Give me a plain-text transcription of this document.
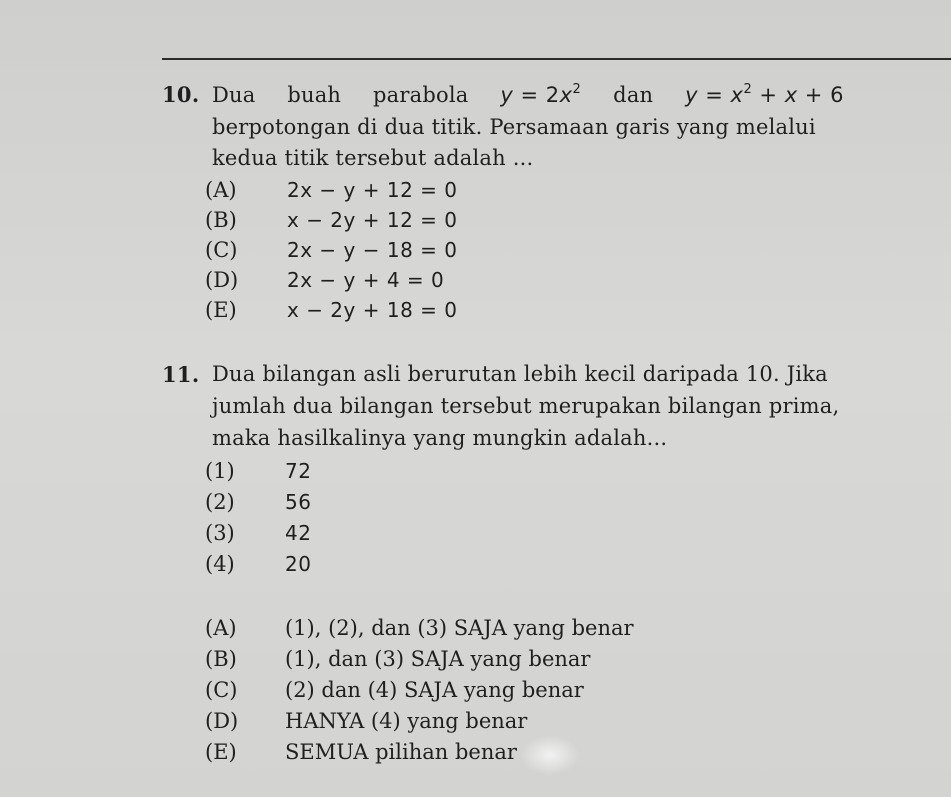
10. Dua buah parabola $y = 2x^2$ dan $y = x^2 + x + 6$
berpotongan di dua titik. Persamaan garis yang melalui
kedua titik tersebut adalah ...
(A)	2x − y + 12 = 0
(B)	x − 2y + 12 = 0
(C) 2x − y − 18 = 0
(D) 2x − y + 4 = 0
(E)	x − 2y + 18 = 0
11. Dua bilangan asli berurutan lebih kecil daripada 10. Jika
jumlah dua bilangan tersebut merupakan bilangan prima,
maka hasilkalinya yang mungkin adalah...
(1)	72
(2)	56
(3)	42
(4)	20
(A) (1), (2), dan (3) SAJA yang benar
(B) (1), dan (3) SAJA yang benar
(C) (2) dan (4) SAJA yang benar
(D) HANYA (4) yang benar
(E) SEMUA pilihan benar
